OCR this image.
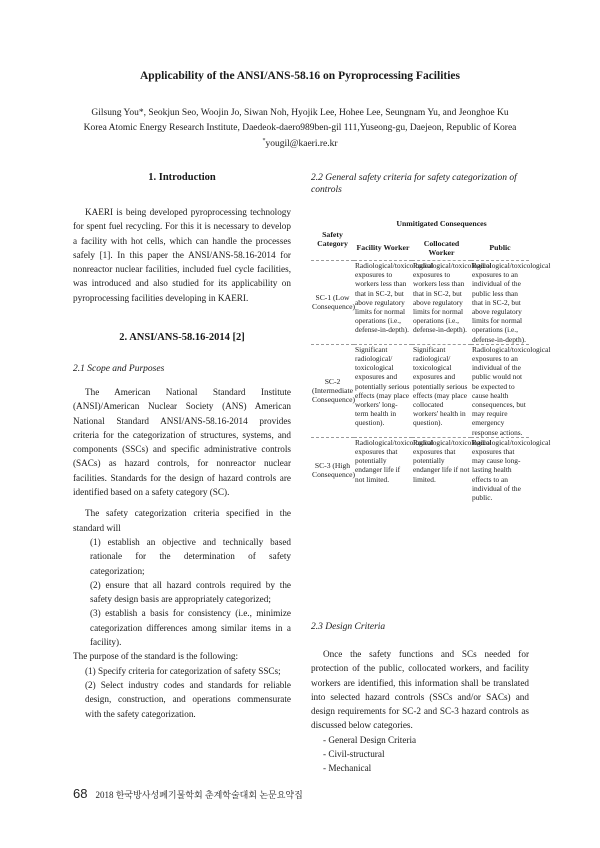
Applicability of the ANSI/ANS-58.16 on Pyroprocessing Facilities
Gilsung You*, Seokjun Seo, Woojin Jo, Siwan Noh, Hyojik Lee, Hohee Lee, Seungnam Yu, and Jeonghoe Ku
Korea Atomic Energy Research Institute, Daedeok-daero989ben-gil 111,Yuseong-gu, Daejeon, Republic of Korea
*yougil@kaeri.re.kr
1. Introduction

KAERI is being developed pyroprocessing technology for spent fuel recycling. For this it is necessary to develop a facility with hot cells, which can handle the processes safely [1]. In this paper the ANSI/ANS-58.16-2014 for nonreactor nuclear facilities, included fuel cycle facilities, was introduced and also studied for its applicability on pyroprocessing facilities developing in KAERI.

2. ANSI/ANS-58.16-2014 [2]
2.1 Scope and Purposes

The American National Standard Institute (ANSI)/American Nuclear Society (ANS) American National Standard ANSI/ANS-58.16-2014 provides criteria for the categorization of structures, systems, and components (SSCs) and specific administrative controls (SACs) as hazard controls, for nonreactor nuclear facilities. Standards for the design of hazard controls are identified based on a safety category (SC).

The safety categorization criteria specified in the standard will

(1) establish an objective and technically based rationale for the determination of safety categorization;

(2) ensure that all hazard controls required by the safety design basis are appropriately categorized;

(3) establish a basis for consistency (i.e., minimize categorization differences among similar items in a facility).

The purpose of the standard is the following:

(1) Specify criteria for categorization of safety SSCs;

(2) Select industry codes and standards for reliable design, construction, and operations commensurate with the safety categorization.

2.2 General safety criteria for safety categorization of controls
Safety Category	Unmitigated Consequences		
	Facility Worker	Collocated Worker	Public
SC-1 (Low Consequence)	Radiological/toxicological exposures to workers less than that in SC-2, but above regulatory limits for normal operations (i.e., defense-in-depth).	Radiological/toxicological exposures to workers less than that in SC-2, but above regulatory limits for normal operations (i.e., defense-in-depth).	Radiological/toxicological exposures to an individual of the public less than that in SC-2, but above regulatory limits for normal operations (i.e., defense-in-depth).
SC-2 (Intermediate Consequence)	Significant radiological/ toxicological exposures and potentially serious effects (may place workers' long-term health in question).	Significant radiological/ toxicological exposures and potentially serious effects (may place collocated workers' health in question).	Radiological/toxicological exposures to an individual of the public would not be expected to cause health consequences, but may require emergency response actions.
SC-3 (High Consequence)	Radiological/toxicological exposures that potentially endanger life if not limited.	Radiological/toxicological exposures that potentially endanger life if not limited.	Radiological/toxicological exposures that may cause long-lasting health effects to an individual of the public.
2.3 Design Criteria

Once the safety functions and SCs needed for protection of the public, collocated workers, and facility workers are identified, this information shall be translated into selected hazard controls (SSCs and/or SACs) and design requirements for SC-2 and SC-3 hazard controls as discussed below categories.

- General Design Criteria

- Civil-structural

- Mechanical

68 2018 한국방사성폐기물학회 춘계학술대회 논문요약집
